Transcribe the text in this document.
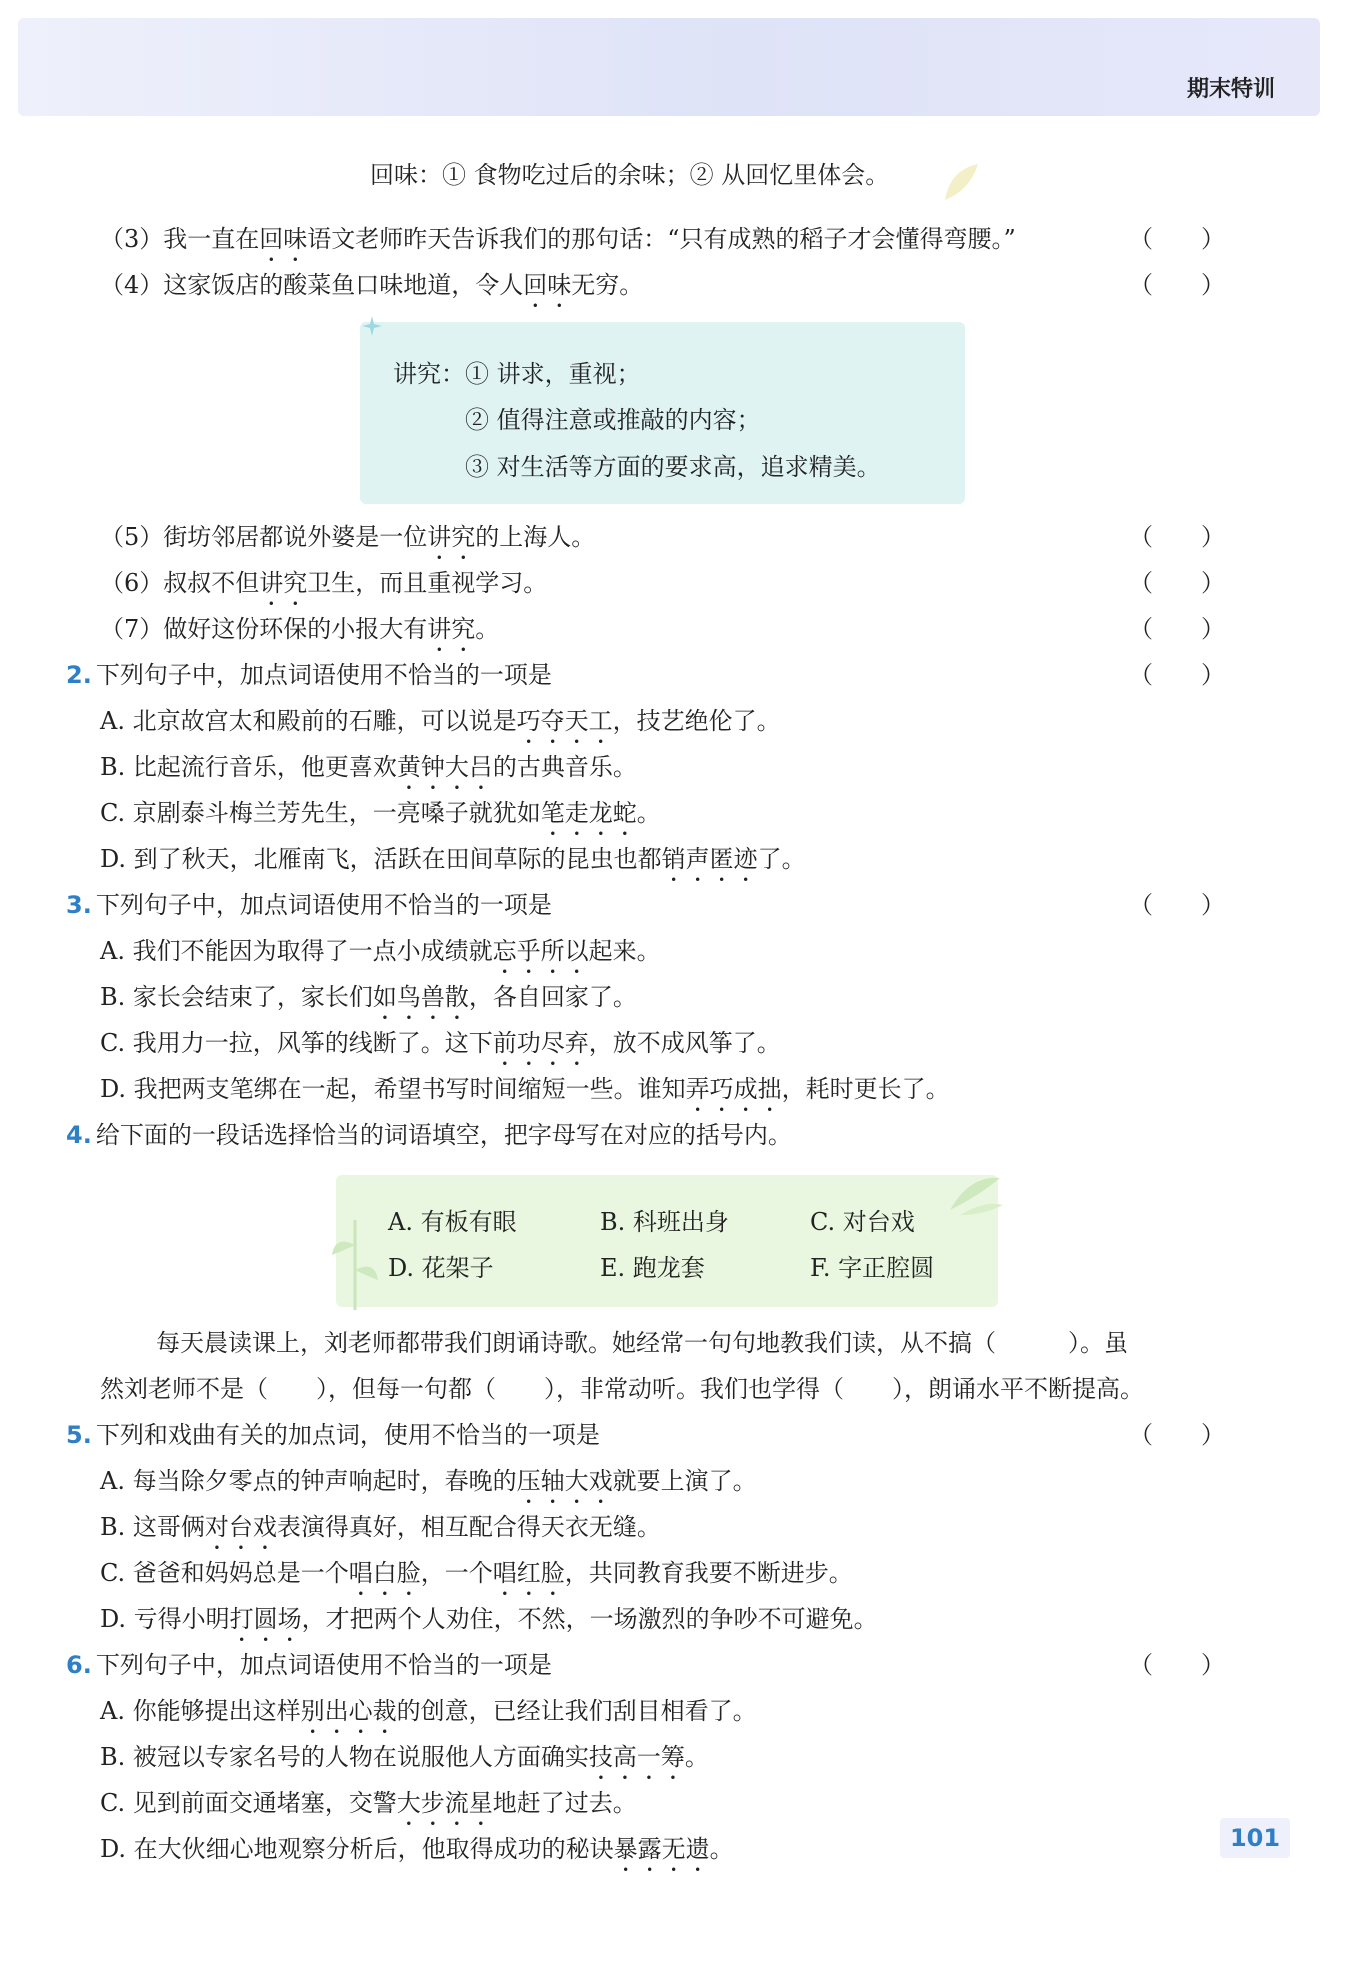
期末特训
回味：① 食物吃过后的余味；② 从回忆里体会。
（3）我一直在回味语文老师昨天告诉我们的那句话：“只有成熟的稻子才会懂得弯腰。”	（　　）
（4）这家饭店的酸菜鱼口味地道，令人回味无穷。	（　　）
讲究：① 讲求，重视；
② 值得注意或推敲的内容；
③ 对生活等方面的要求高，追求精美。
（5）街坊邻居都说外婆是一位讲究的上海人。	（　　）
（6）叔叔不但讲究卫生，而且重视学习。	（　　）
（7）做好这份环保的小报大有讲究。	（　　）
2. 下列句子中，加点词语使用不恰当的一项是	（　　）
A. 北京故宫太和殿前的石雕，可以说是巧夺天工，技艺绝伦了。
B. 比起流行音乐，他更喜欢黄钟大吕的古典音乐。
C. 京剧泰斗梅兰芳先生，一亮嗓子就犹如笔走龙蛇。
D. 到了秋天，北雁南飞，活跃在田间草际的昆虫也都销声匿迹了。
3. 下列句子中，加点词语使用不恰当的一项是	（　　）
A. 我们不能因为取得了一点小成绩就忘乎所以起来。
B. 家长会结束了，家长们如鸟兽散，各自回家了。
C. 我用力一拉，风筝的线断了。这下前功尽弃，放不成风筝了。
D. 我把两支笔绑在一起，希望书写时间缩短一些。谁知弄巧成拙，耗时更长了。
4. 给下面的一段话选择恰当的词语填空，把字母写在对应的括号内。
A. 有板有眼	B. 科班出身	C. 对台戏
D. 花架子	E. 跑龙套	F. 字正腔圆
每天晨读课上，刘老师都带我们朗诵诗歌。她经常一句句地教我们读，从不搞（　　　）。虽
然刘老师不是（　　），但每一句都（　　），非常动听。我们也学得（　　），朗诵水平不断提高。
5. 下列和戏曲有关的加点词，使用不恰当的一项是	（　　）
A. 每当除夕零点的钟声响起时，春晚的压轴大戏就要上演了。
B. 这哥俩对台戏表演得真好，相互配合得天衣无缝。
C. 爸爸和妈妈总是一个唱白脸，一个唱红脸，共同教育我要不断进步。
D. 亏得小明打圆场，才把两个人劝住，不然，一场激烈的争吵不可避免。
6. 下列句子中，加点词语使用不恰当的一项是	（　　）
A. 你能够提出这样别出心裁的创意，已经让我们刮目相看了。
B. 被冠以专家名号的人物在说服他人方面确实技高一筹。
C. 见到前面交通堵塞，交警大步流星地赶了过去。
D. 在大伙细心地观察分析后，他取得成功的秘诀暴露无遗。	101
